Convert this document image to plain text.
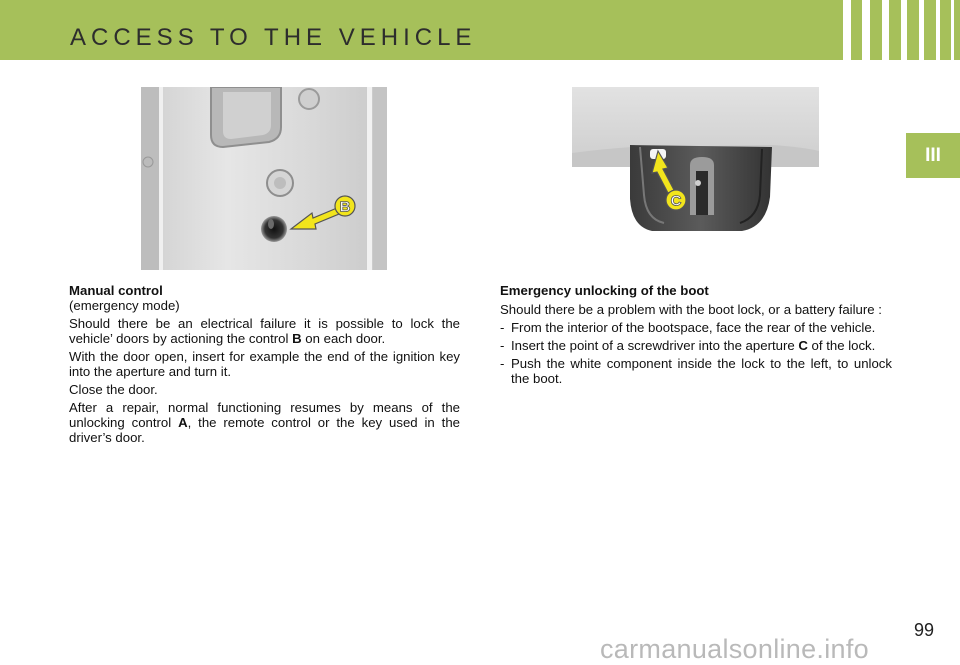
ACCESS TO THE VEHICLE
III
B	C

Manual control

(emergency mode)

Should there be an electrical failure it is possible to lock the vehicle’ doors by actioning the control B on each door.

With the door open, insert for example the end of the ignition key into the aperture and turn it.

Close the door.

After a repair, normal functioning resumes by means of the unlocking control A, the remote control or the key used in the driver’s door.

Emergency unlocking of the boot

Should there be a problem with the boot lock, or a battery failure :

- From the interior of the bootspace, face the rear of the vehicle.
- Insert the point of a screwdriver into the aperture C of the lock.
- Push the white component inside the lock to the left, to unlock the boot.
99
carmanualsonline.info
